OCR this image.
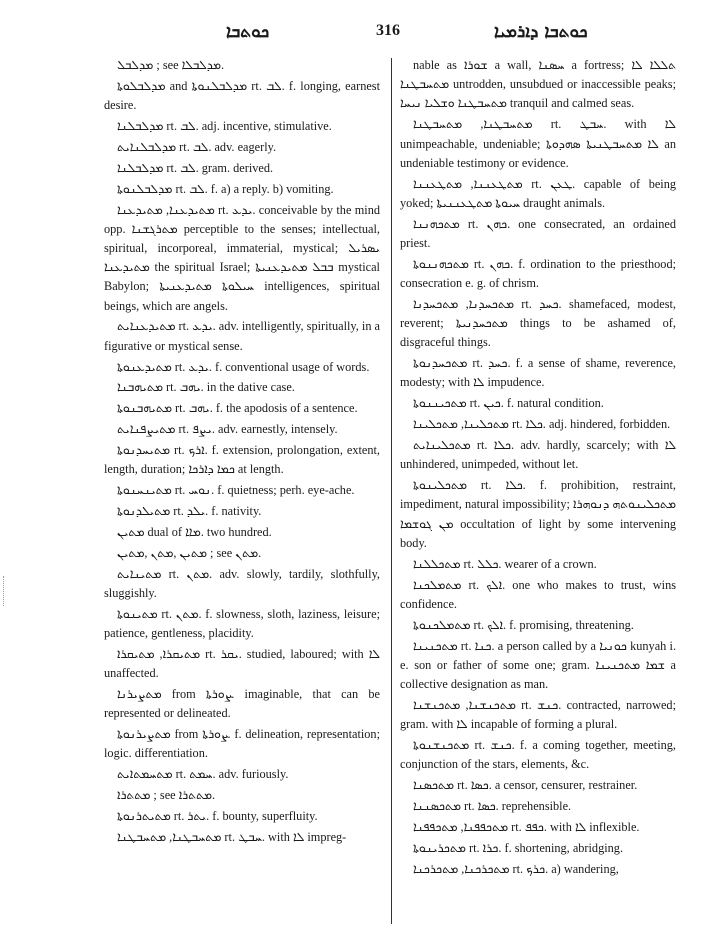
ܟܘܬܒܐ	316	ܟܘܬܒܐ ܕܐܪܡܝܐ

ܡܕܠܒܠ ; see ܡܕܠܒܠܐ.

ܡܕܠܒܠܘܬܐ and ܡܕܠܒܠܢܘܬܐ rt. ܠܒ. f. longing, earnest desire.

ܡܕܠܒܠܢܐ rt. ܠܒ. adj. incentive, stimulative.

ܡܕܠܒܠܢܐܝܬ rt. ܠܒ. adv. eagerly.

ܡܕܠܒܠܢܐ rt. ܠܒ. gram. derived.

ܡܕܠܒܠܢܘܬܐ rt. ܠܒ. f. a) a reply. b) vomiting.

ܡܬܝܕܥܢܐ, ܡܬܝܕܥܢܐ rt. ܝܕܥ. conceivable by the mind opp. ܡܬܪܓܫܢܐ perceptible to the senses; intellectual, spiritual, incorporeal, immaterial, mystical; ܝܣܪܝܠ ܡܬܝܕܥܢܐ the spiritual Israel; ܒܒܠ ܡܬܝܕܥܢܝܬܐ mystical Babylon; ܚܝܠܘܬܐ ܡܬܝܕܥܢܝܬܐ intelligences, spiritual beings, which are angels.

ܡܬܝܕܥܢܐܝܬ rt. ܝܕܥ. adv. intelligently, spiritually, in a figurative or mystical sense.

ܡܬܝܕܥܢܘܬܐ rt. ܝܕܥ. f. conventional usage of words.

ܡܬܝܗܒܢܐ rt. ܝܗܒ. in the dative case.

ܡܬܝܗܒܢܘܬܐ rt. ܝܗܒ. f. the apodosis of a sentence.

ܡܬܝܨܦܢܐܝܬ rt. ܝܨܦ. adv. earnestly, intensely.

ܡܬܝܚܕܢܘܬܐ rt. ܐܪܟ. f. extension, prolongation, extent, length, duration; ܟܡܐ ܕܐܪܟܐ at length.

ܡܬܝܢܚܢܘܬܐ rt. ܢܘܚ. f. quietness; perh. eye-ache.

ܡܬܝܠܕܢܘܬܐ rt. ܝܠܕ. f. nativity.

ܡܬܝܢ dual of ܡܐܐ. two hundred.

ܡܬܝܢ ,ܡܬܢ ,ܡܬܝܢ ; see ܡܬܢ.

ܡܬܝܢܐܝܬ rt. ܡܬܢ. adv. slowly, tardily, slothfully, sluggishly.

ܡܬܝܢܘܬܐ rt. ܡܬܢ. f. slowness, sloth, laziness, leisure; patience, gentleness, placidity.

ܡܬܝܩܪܐ, ܡܬܝܩܪܐ rt. ܝܩܪ. studied, laboured; with ܠܐ unaffected.

ܡܬܨܝܪܢܐ from ܨܘܪܬܐ. imaginable, that can be represented or delineated.

ܡܬܨܝܪܢܘܬܐ from ܨܘܪܬܐ. f. delineation, representation; logic. differentiation.

ܡܬܚܡܬܐܝܬ rt. ܚܡܬ. adv. furiously.

ܡܬܬܪܐ ; see ܡܬܬܪܐ.

ܡܬܝܬܪܢܘܬܐ rt. ܝܬܪ. f. bounty, superfluity.

ܡܬܚܒܛܢܐ, ܡܬܚܒܛܢܐ rt. ܚܒܛ. with ܠܐ impreg-

nable as ܫܘܪܐ a wall, ܚܣܢܐ a fortress; ܬܠܠܐ ܠܐ ܡܬܚܒܛܢܐ untrodden, unsubdued or inaccessible peaks; ܡܬܚܒܛܢܐ ܘܫܠܝܐ ܢܝܚܐ tranquil and calmed seas.

ܡܬܚܒܛܢܐ, ܡܬܚܒܛܢܐ rt. ܚܒܛ. with ܠܐ unimpeachable, undeniable; ܠܐ ܡܬܚܒܛܢܝܬܐ ܣܗܕܘܬܐ an undeniable testimony or evidence.

ܡܬܛܥܢܢܐ, ܡܬܛܥܢܢܐ rt. ܛܥܢ. capable of being yoked; ܚܝܘܬܐ ܡܬܛܥܢܢܝܬܐ draught animals.

ܡܬܟܗܢܢܐ rt. ܟܗܢ. one consecrated, an ordained priest.

ܡܬܟܗܢܢܘܬܐ rt. ܟܗܢ. f. ordination to the priesthood; consecration e. g. of chrism.

ܡܬܟܚܕܢܐ, ܡܬܟܚܕܢܐ rt. ܟܚܕ. shamefaced, modest, reverent; ܡܬܟܚܕܢܝܬܐ things to be ashamed of, disgraceful things.

ܡܬܟܚܕܢܘܬܐ rt. ܟܚܕ. f. a sense of shame, reverence, modesty; with ܠܐ impudence.

ܡܬܟܝܢܢܘܬܐ rt. ܟܝܢ. f. natural condition.

ܡܬܟܠܝܢܐ, ܡܬܟܠܝܢܐ rt. ܟܠܐ. adj. hindered, forbidden.

ܡܬܟܠܝܢܐܝܬ rt. ܟܠܐ. adv. hardly, scarcely; with ܠܐ unhindered, unimpeded, without let.

ܡܬܟܠܝܢܘܬܐ rt. ܟܠܐ. f. prohibition, restraint, impediment, natural impossibility; ܡܬܟܠܝܢܘܬܗ ܕܢܘܗܪܐ ܡܢ ܓܘܫܡܐ occultation of light by some intervening body.

ܡܬܟܠܠܢܐ rt. ܟܠܠ. wearer of a crown.

ܡܬܡܠܟܢܐ rt. ܐܠܟ. one who makes to trust, wins confidence.

ܡܬܡܠܟܢܘܬܐ rt. ܐܠܟ. f. promising, threatening.

ܡܬܟܢܝܢܐ rt. ܟܢܐ. a person called by a ܟܘܢܝܐ kunyah i. e. son or father of some one; gram. ܫܡܐ ܡܬܟܢܝܢܐ a collective designation as man.

ܡܬܟܢܫܢܐ, ܡܬܟܢܫܢܐ rt. ܟܢܫ. contracted, narrowed; gram. with ܠܐ incapable of forming a plural.

ܡܬܟܢܫܢܘܬܐ rt. ܟܢܫ. f. a coming together, meeting, conjunction of the stars, elements, &c.

ܡܬܟܣܢܐ rt. ܟܣܐ. a censor, censurer, restrainer.

ܡܬܟܣܢܢܐ rt. ܟܣܐ. reprehensible.

ܡܬܟܦܦܢܐ, ܡܬܟܦܦܢܐ rt. ܟܦܦ. with ܠܐ inflexible.

ܡܬܟܪܝܢܘܬܐ rt. ܟܪܐ. f. shortening, abridging.

ܡܬܟܪܟܢܐ, ܡܬܟܪܟܢܐ rt. ܟܪܟ. a) wandering,
